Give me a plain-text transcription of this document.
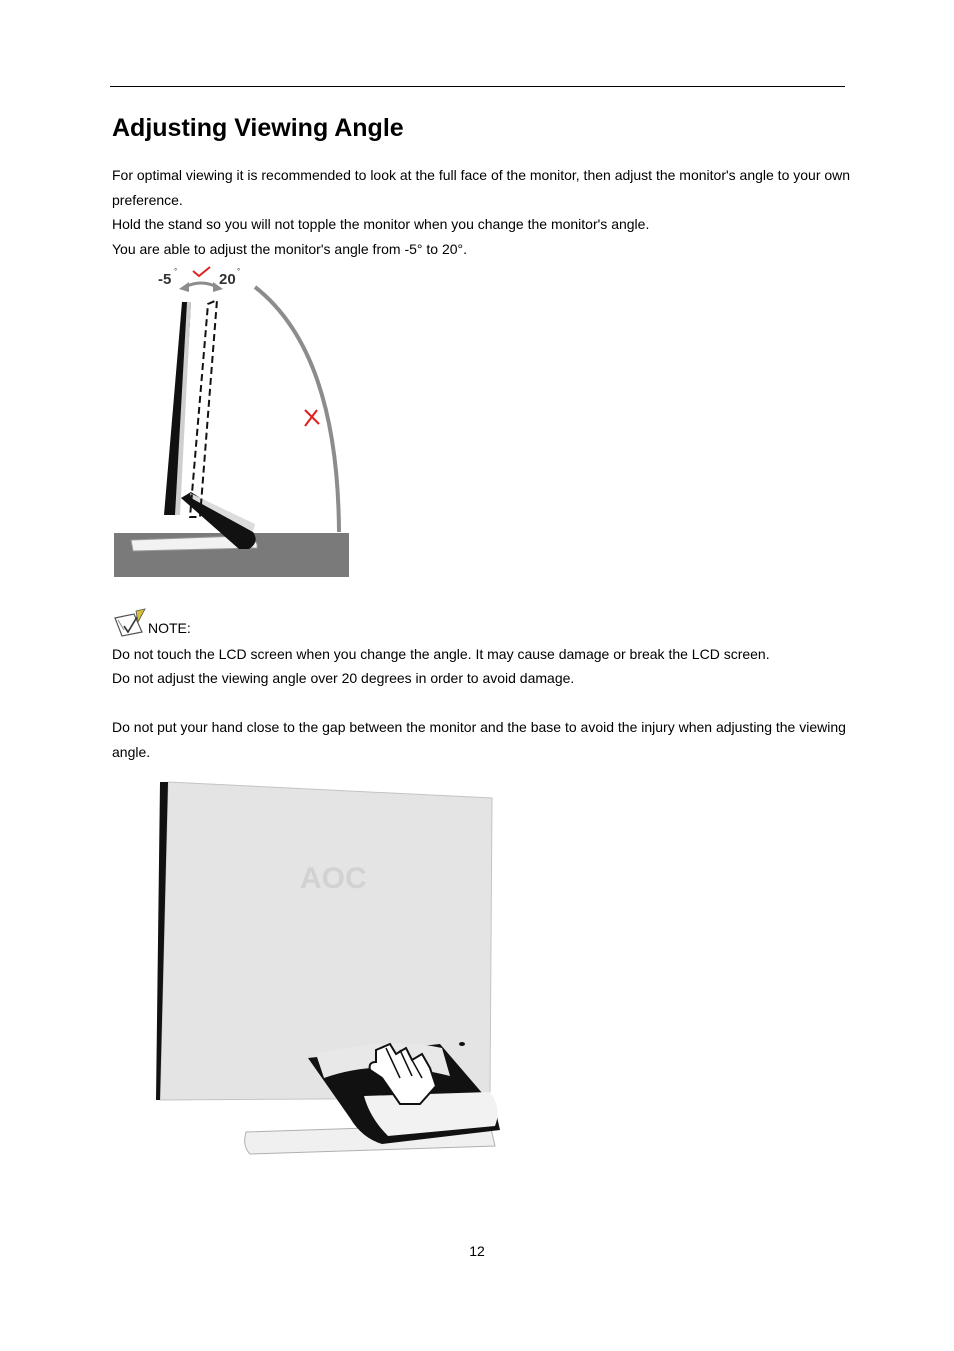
Adjusting Viewing Angle

For optimal viewing it is recommended to look at the full face of the monitor, then adjust the monitor's angle to your own preference.

Hold the stand so you will not topple the monitor when you change the monitor's angle.

You are able to adjust the monitor's angle from -5° to 20°.

-5 °	20 °
NOTE:

Do not touch the LCD screen when you change the angle. It may cause damage or break the LCD screen.

Do not adjust the viewing angle over 20 degrees in order to avoid damage.

Do not put your hand close to the gap between the monitor and the base to avoid the injury when adjusting the viewing angle.

AOC
12
